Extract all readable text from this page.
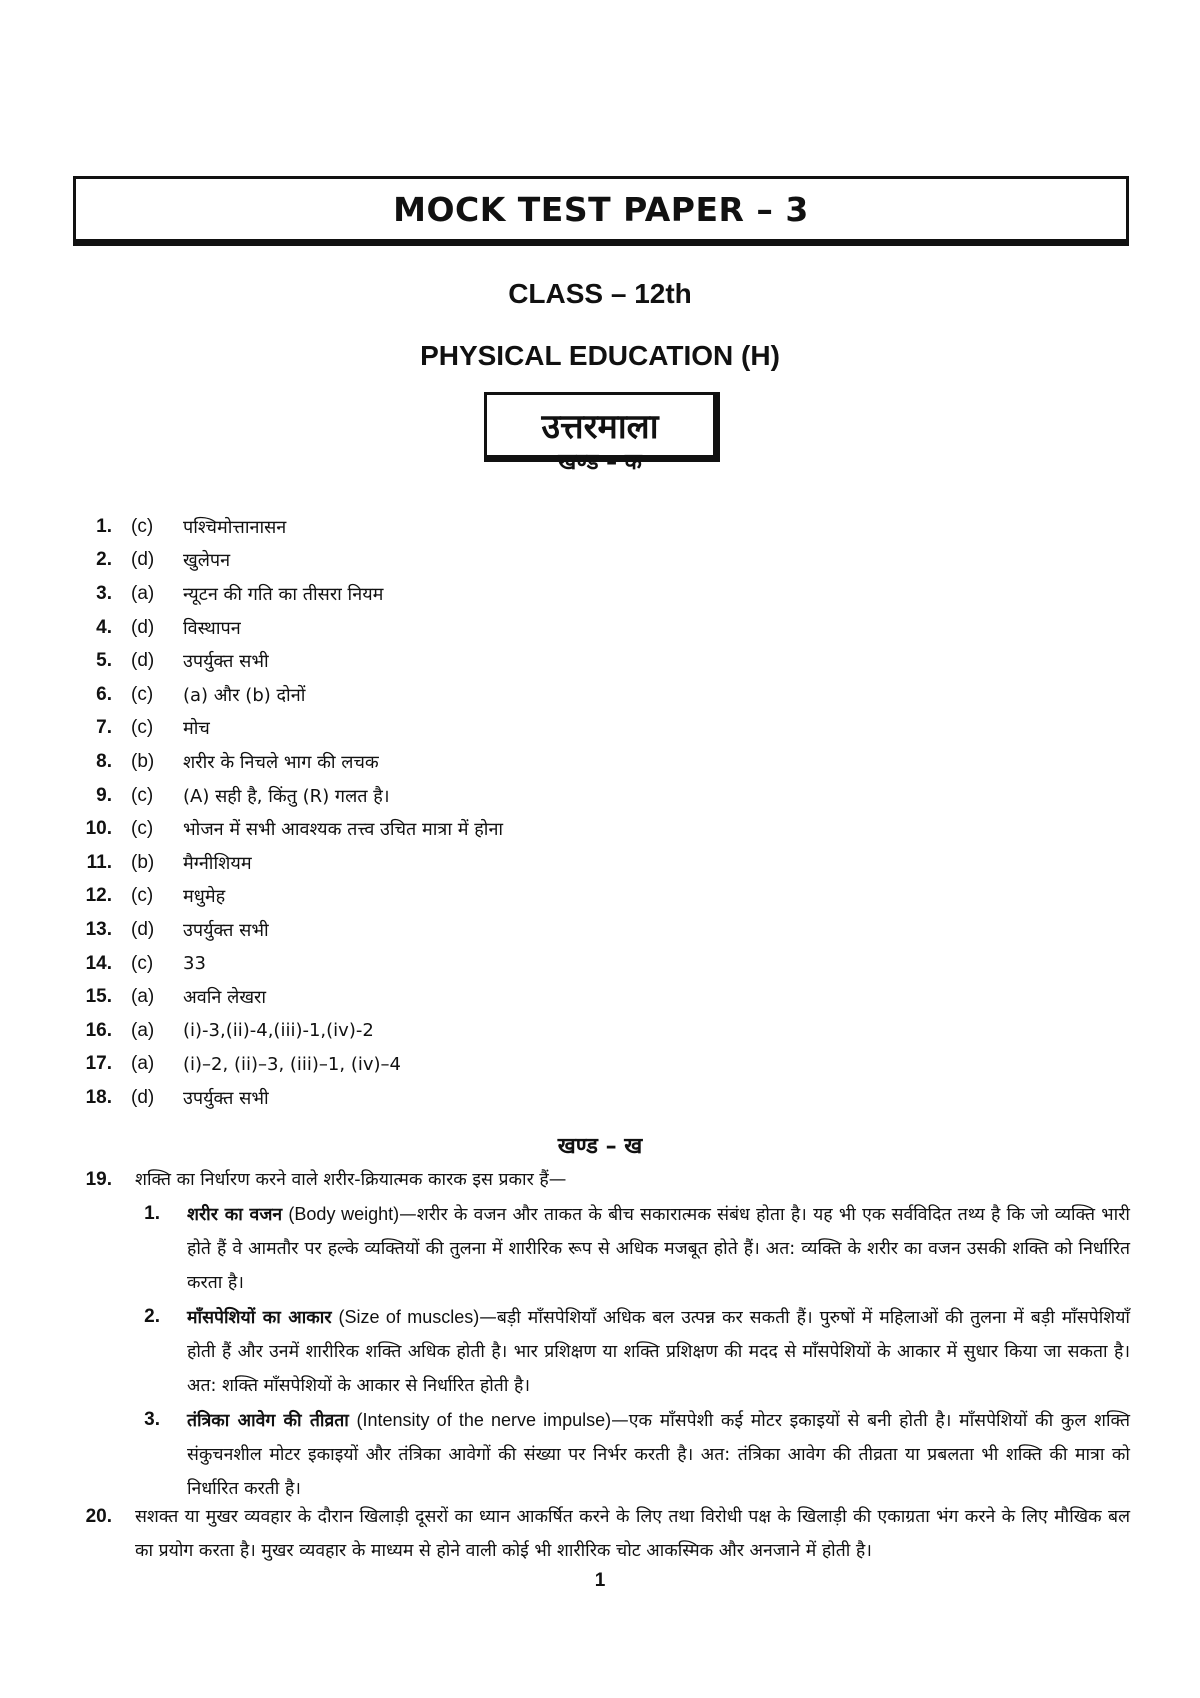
MOCK TEST PAPER – 3
CLASS – 12th
PHYSICAL EDUCATION (H)
उत्तरमाला
खण्ड – क
1. (c)	पश्चिमोत्तानासन
2. (d)	खुलेपन
3. (a)	न्यूटन की गति का तीसरा नियम
4. (d)	विस्थापन
5. (d)	उपर्युक्त सभी
6. (c)	(a) और (b) दोनों
7. (c)	मोच
8. (b)	शरीर के निचले भाग की लचक
9. (c)	(A) सही है, किंतु (R) गलत है।
10. (c)	भोजन में सभी आवश्यक तत्त्व उचित मात्रा में होना
11. (b)	मैग्नीशियम
12. (c)	मधुमेह
13. (d)	उपर्युक्त सभी
14. (c)	33
15. (a)	अवनि लेखरा
16. (a)	(i)-3,(ii)-4,(iii)-1,(iv)-2
17. (a)	(i)–2, (ii)–3, (iii)–1, (iv)–4
18. (d)	उपर्युक्त सभी
खण्ड – ख
19. शक्ति का निर्धारण करने वाले शरीर-क्रियात्मक कारक इस प्रकार हैं—
1. शरीर का वजन (Body weight)—शरीर के वजन और ताकत के बीच सकारात्मक संबंध होता है। यह भी एक सर्वविदित तथ्य है कि जो व्यक्ति भारी होते हैं वे आमतौर पर हल्के व्यक्तियों की तुलना में शारीरिक रूप से अधिक मजबूत होते हैं। अत: व्यक्ति के शरीर का वजन उसकी शक्ति को निर्धारित करता है।
2. माँसपेशियों का आकार (Size of muscles)—बड़ी माँसपेशियाँ अधिक बल उत्पन्न कर सकती हैं। पुरुषों में महिलाओं की तुलना में बड़ी माँसपेशियाँ होती हैं और उनमें शारीरिक शक्ति अधिक होती है। भार प्रशिक्षण या शक्ति प्रशिक्षण की मदद से माँसपेशियों के आकार में सुधार किया जा सकता है। अत: शक्ति माँसपेशियों के आकार से निर्धारित होती है।
3. तंत्रिका आवेग की तीव्रता (Intensity of the nerve impulse)—एक माँसपेशी कई मोटर इकाइयों से बनी होती है। माँसपेशियों की कुल शक्ति संकुचनशील मोटर इकाइयों और तंत्रिका आवेगों की संख्या पर निर्भर करती है। अत: तंत्रिका आवेग की तीव्रता या प्रबलता भी शक्ति की मात्रा को निर्धारित करती है।
20. सशक्त या मुखर व्यवहार के दौरान खिलाड़ी दूसरों का ध्यान आकर्षित करने के लिए तथा विरोधी पक्ष के खिलाड़ी की एकाग्रता भंग करने के लिए मौखिक बल का प्रयोग करता है। मुखर व्यवहार के माध्यम से होने वाली कोई भी शारीरिक चोट आकस्मिक और अनजाने में होती है।
1
